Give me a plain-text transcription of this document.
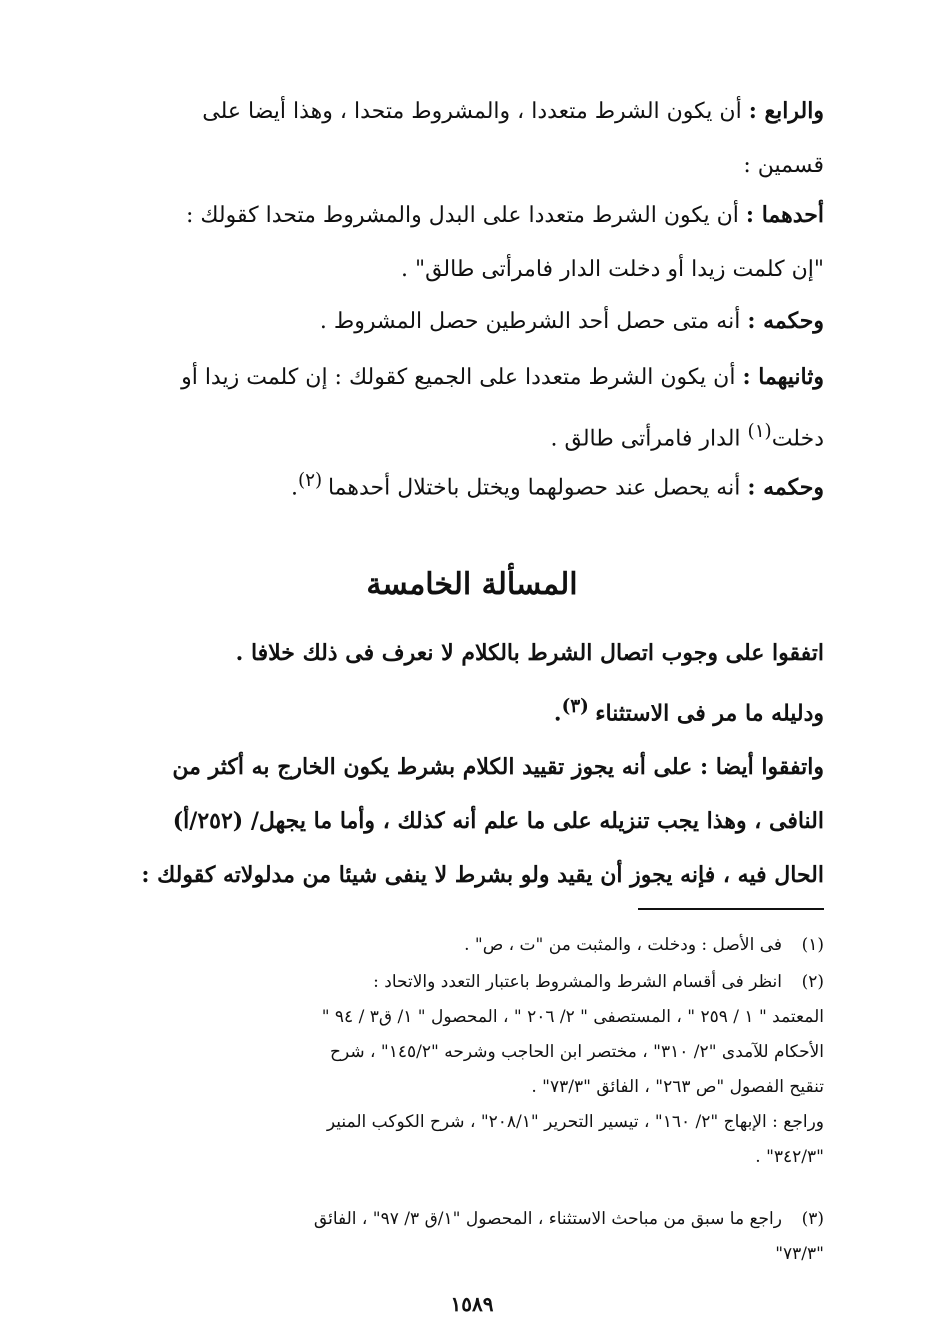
والرابع : أن يكون الشرط متعددا ، والمشروط متحدا ، وهذا أيضا على
قسمين :
أحدهما : أن يكون الشرط متعددا على البدل والمشروط متحدا كقولك :
"إن كلمت زيدا أو دخلت الدار فامرأتى طالق" .
وحكمه : أنه متى حصل أحد الشرطين حصل المشروط .
وثانيهما : أن يكون الشرط متعددا على الجميع كقولك : إن كلمت زيدا أو
دخلت$^{(١)}$ الدار فامرأتى طالق .
وحكمه : أنه يحصل عند حصولهما ويختل باختلال أحدهما $^{(٢)}$.
المسألة الخامسة
اتفقوا على وجوب اتصال الشرط بالكلام لا نعرف فى ذلك خلافا .
ودليله ما مر فى الاستثناء $^{(٣)}$.
واتفقوا أيضا : على أنه يجوز تقييد الكلام بشرط يكون الخارج به أكثر من
النافى ، وهذا يجب تنزيله على ما علم أنه كذلك ، وأما ما يجهل/ (٢٥٢/أ)
الحال فيه ، فإنه يجوز أن يقيد ولو بشرط لا ينفى شيئا من مدلولاته كقولك :
(١)فى الأصل : ودخلت ، والمثبت من "ت ، ص" .
(٢)انظر فى أقسام الشرط والمشروط باعتبار التعدد والاتحاد :
المعتمد " ١ / ٢٥٩ " ، المستصفى " ٢/ ٢٠٦ " ، المحصول " ١/ ق٣ / ٩٤ "
الأحكام للآمدى "٢/ ٣١٠" ، مختصر ابن الحاجب وشرحه "١٤٥/٢" ، شرح
تنقيح الفصول "ص ٢٦٣" ، الفائق "٧٣/٣" .
وراجع : الإبهاج "٢/ ١٦٠" ، تيسير التحرير "٢٠٨/١" ، شرح الكوكب المنير
"٣٤٢/٣" .
(٣)راجع ما سبق من مباحث الاستثناء ، المحصول "١/ق ٣/ ٩٧" ، الفائق
"٧٣/٣"
١٥٨٩
